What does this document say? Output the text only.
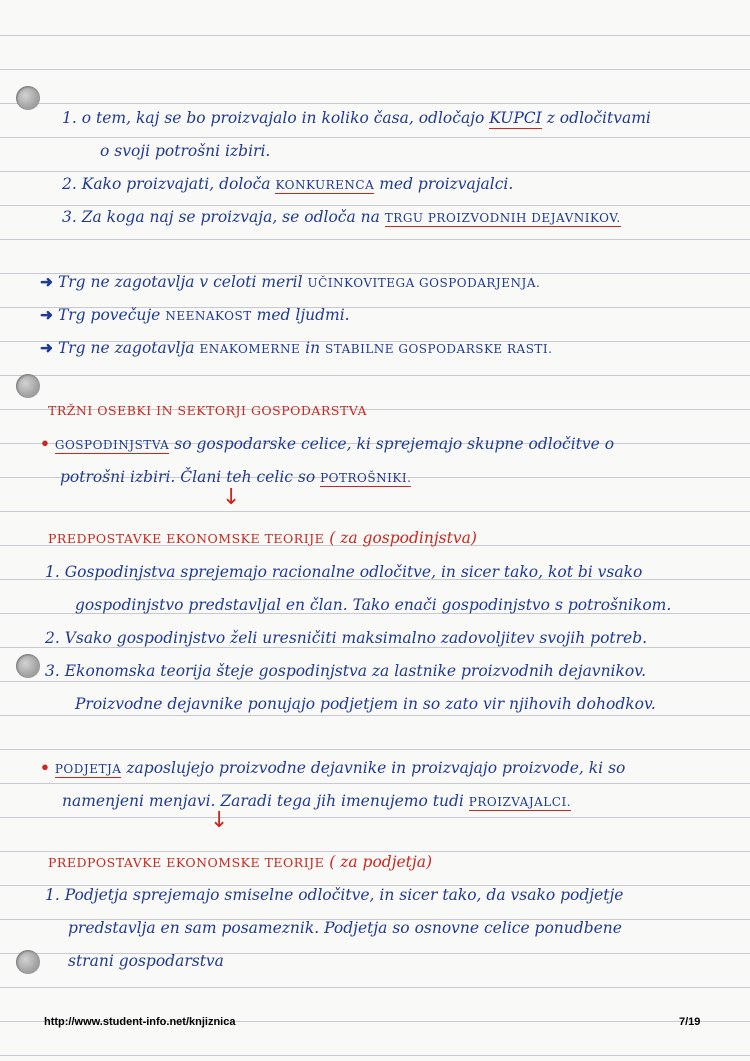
1. o tem, kaj se bo proizvajalo in koliko časa, odločajo KUPCI z odločitvami
o svoji potrošni izbiri.
2. Kako proizvajati, določa KONKURENCA med proizvajalci.
3. Za koga naj se proizvaja, se odloča na TRGU PROIZVODNIH DEJAVNIKOV.
➜ Trg ne zagotavlja v celoti meril UČINKOVITEGA GOSPODARJENJA.
➜ Trg povečuje NEENAKOST med ljudmi.
➜ Trg ne zagotavlja ENAKOMERNE in STABILNE GOSPODARSKE RASTI.
TRŽNI OSEBKI IN SEKTORJI GOSPODARSTVA
• GOSPODINJSTVA so gospodarske celice, ki sprejemajo skupne odločitve o
potrošni izbiri. Člani teh celic so POTROŠNIKI.
↓
PREDPOSTAVKE EKONOMSKE TEORIJE ( za gospodinjstva)
1. Gospodinjstva sprejemajo racionalne odločitve, in sicer tako, kot bi vsako
gospodinjstvo predstavljal en član. Tako enači gospodinjstvo s potrošnikom.
2. Vsako gospodinjstvo želi uresničiti maksimalno zadovoljitev svojih potreb.
3. Ekonomska teorija šteje gospodinjstva za lastnike proizvodnih dejavnikov.
Proizvodne dejavnike ponujajo podjetjem in so zato vir njihovih dohodkov.
• PODJETJA zaposlujejo proizvodne dejavnike in proizvajajo proizvode, ki so
namenjeni menjavi. Zaradi tega jih imenujemo tudi PROIZVAJALCI.
↓
PREDPOSTAVKE EKONOMSKE TEORIJE ( za podjetja)
1. Podjetja sprejemajo smiselne odločitve, in sicer tako, da vsako podjetje
predstavlja en sam posameznik. Podjetja so osnovne celice ponudbene
strani gospodarstva
http://www.student-info.net/knjiznica	7/19
